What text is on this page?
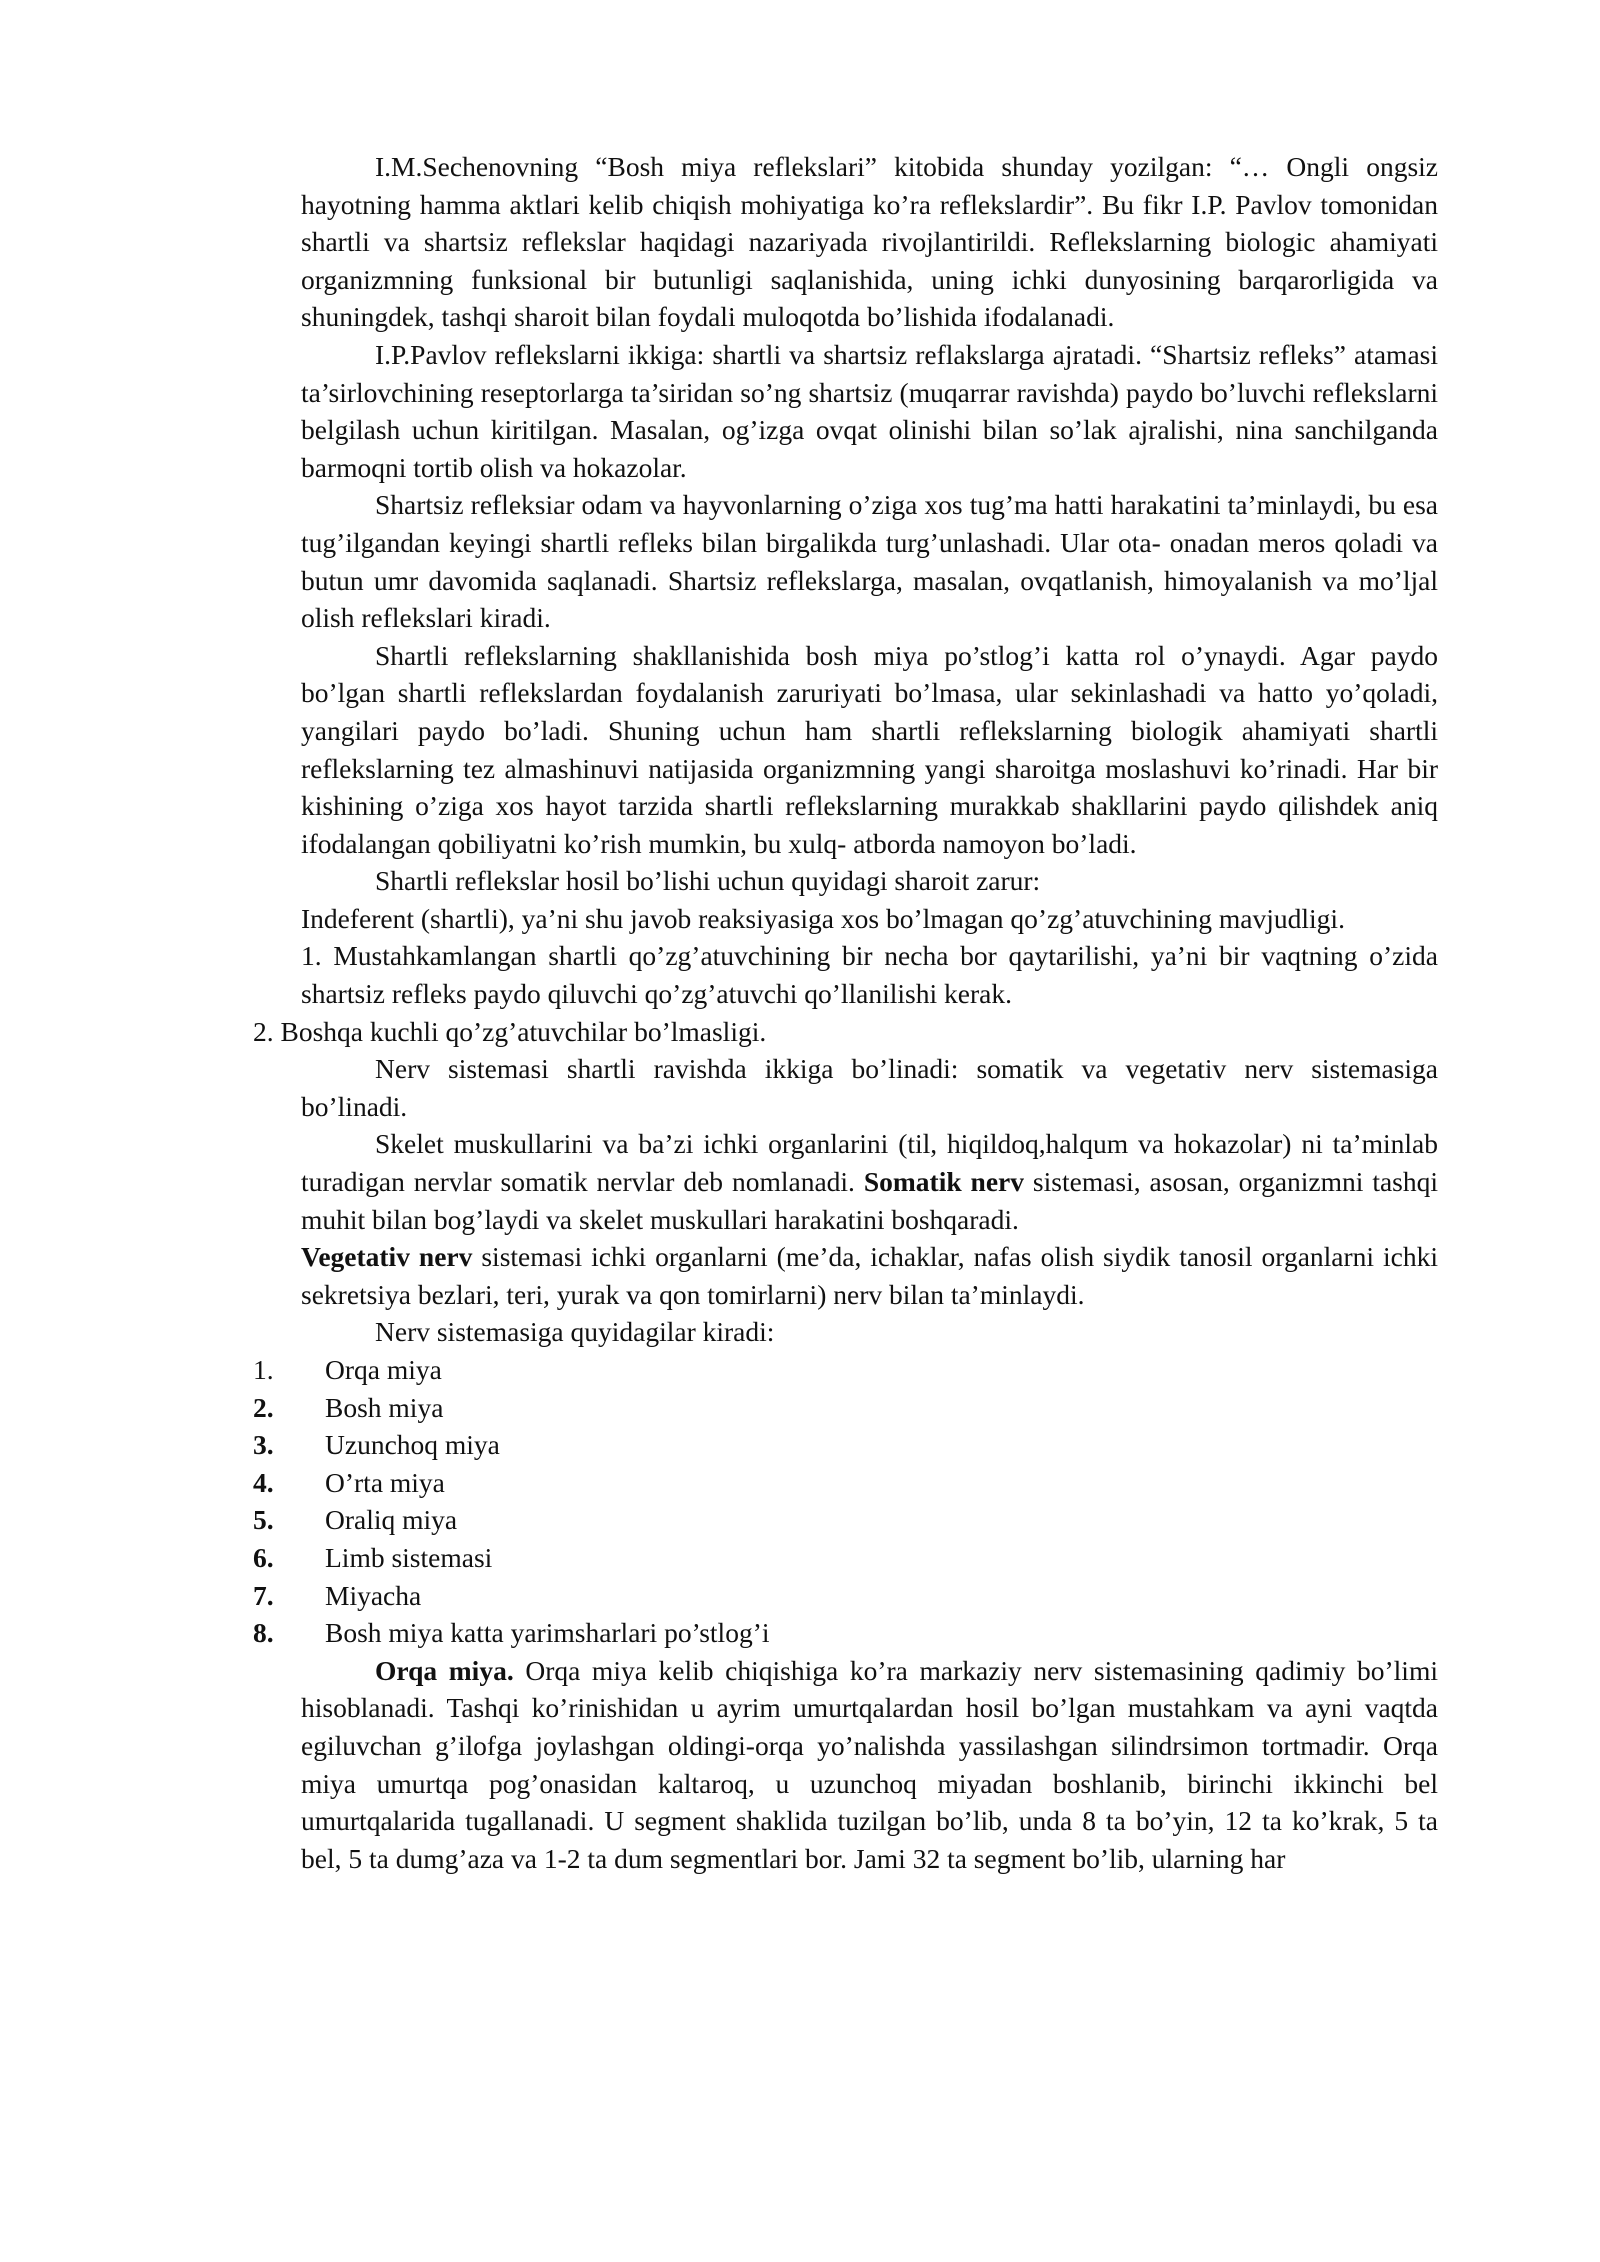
I.M.Sechenovning “Bosh miya reflekslari” kitobida shunday yozilgan: “… Ongli ongsiz hayotning hamma aktlari kelib chiqish mohiyatiga ko’ra reflekslardir”. Bu fikr I.P. Pavlov tomonidan shartli va shartsiz reflekslar haqidagi nazariyada rivojlantirildi. Reflekslarning biologic ahamiyati organizmning funksional bir butunligi saqlanishida, uning ichki dunyosining barqarorligida va shuningdek, tashqi sharoit bilan foydali muloqotda bo’lishida ifodalanadi.

I.P.Pavlov reflekslarni ikkiga: shartli va shartsiz reflakslarga ajratadi. “Shartsiz refleks” atamasi ta’sirlovchining reseptorlarga ta’siridan so’ng shartsiz (muqarrar ravishda) paydo bo’luvchi reflekslarni belgilash uchun kiritilgan. Masalan, og’izga ovqat olinishi bilan so’lak ajralishi, nina sanchilganda barmoqni tortib olish va hokazolar.

Shartsiz refleksiar odam va hayvonlarning o’ziga xos tug’ma hatti harakatini ta’minlaydi, bu esa tug’ilgandan keyingi shartli refleks bilan birgalikda turg’unlashadi. Ular ota- onadan meros qoladi va butun umr davomida saqlanadi. Shartsiz reflekslarga, masalan, ovqatlanish, himoyalanish va mo’ljal olish reflekslari kiradi.

Shartli reflekslarning shakllanishida bosh miya po’stlog’i katta rol o’ynaydi. Agar paydo bo’lgan shartli reflekslardan foydalanish zaruriyati bo’lmasa, ular sekinlashadi va hatto yo’qoladi, yangilari paydo bo’ladi. Shuning uchun ham shartli reflekslarning biologik ahamiyati shartli reflekslarning tez almashinuvi natijasida organizmning yangi sharoitga moslashuvi ko’rinadi. Har bir kishining o’ziga xos hayot tarzida shartli reflekslarning murakkab shakllarini paydo qilishdek aniq ifodalangan qobiliyatni ko’rish mumkin, bu xulq- atborda namoyon bo’ladi.

Shartli reflekslar hosil bo’lishi uchun quyidagi sharoit zarur:

Indeferent (shartli), ya’ni shu javob reaksiyasiga xos bo’lmagan qo’zg’atuvchining mavjudligi.

1. Mustahkamlangan shartli qo’zg’atuvchining bir necha bor qaytarilishi, ya’ni bir vaqtning o’zida shartsiz refleks paydo qiluvchi qo’zg’atuvchi qo’llanilishi kerak.

2. Boshqa kuchli qo’zg’atuvchilar bo’lmasligi.

Nerv sistemasi shartli ravishda ikkiga bo’linadi: somatik va vegetativ nerv sistemasiga bo’linadi.

Skelet muskullarini va ba’zi ichki organlarini (til, hiqildoq,halqum va hokazolar) ni ta’minlab turadigan nervlar somatik nervlar deb nomlanadi. Somatik nerv sistemasi, asosan, organizmni tashqi muhit bilan bog’laydi va skelet muskullari harakatini boshqaradi.

Vegetativ nerv sistemasi ichki organlarni (me’da, ichaklar, nafas olish siydik tanosil organlarni ichki sekretsiya bezlari, teri, yurak va qon tomirlarni) nerv bilan ta’minlaydi.

Nerv sistemasiga quyidagilar kiradi:

1.	Orqa miya
2.	Bosh miya
3.	Uzunchoq miya
4.	O’rta miya
5.	Oraliq miya
6.	Limb sistemasi
7.	Miyacha
8.	Bosh miya katta yarimsharlari po’stlog’i

Orqa miya. Orqa miya kelib chiqishiga ko’ra markaziy nerv sistemasining qadimiy bo’limi hisoblanadi. Tashqi ko’rinishidan u ayrim umurtqalardan hosil bo’lgan mustahkam va ayni vaqtda egiluvchan g’ilofga joylashgan oldingi-orqa yo’nalishda yassilashgan silindrsimon tortmadir. Orqa miya umurtqa pog’onasidan kaltaroq, u uzunchoq miyadan boshlanib, birinchi ikkinchi bel umurtqalarida tugallanadi. U segment shaklida tuzilgan bo’lib, unda 8 ta bo’yin, 12 ta ko’krak, 5 ta bel, 5 ta dumg’aza va 1-2 ta dum segmentlari bor. Jami 32 ta segment bo’lib, ularning har
